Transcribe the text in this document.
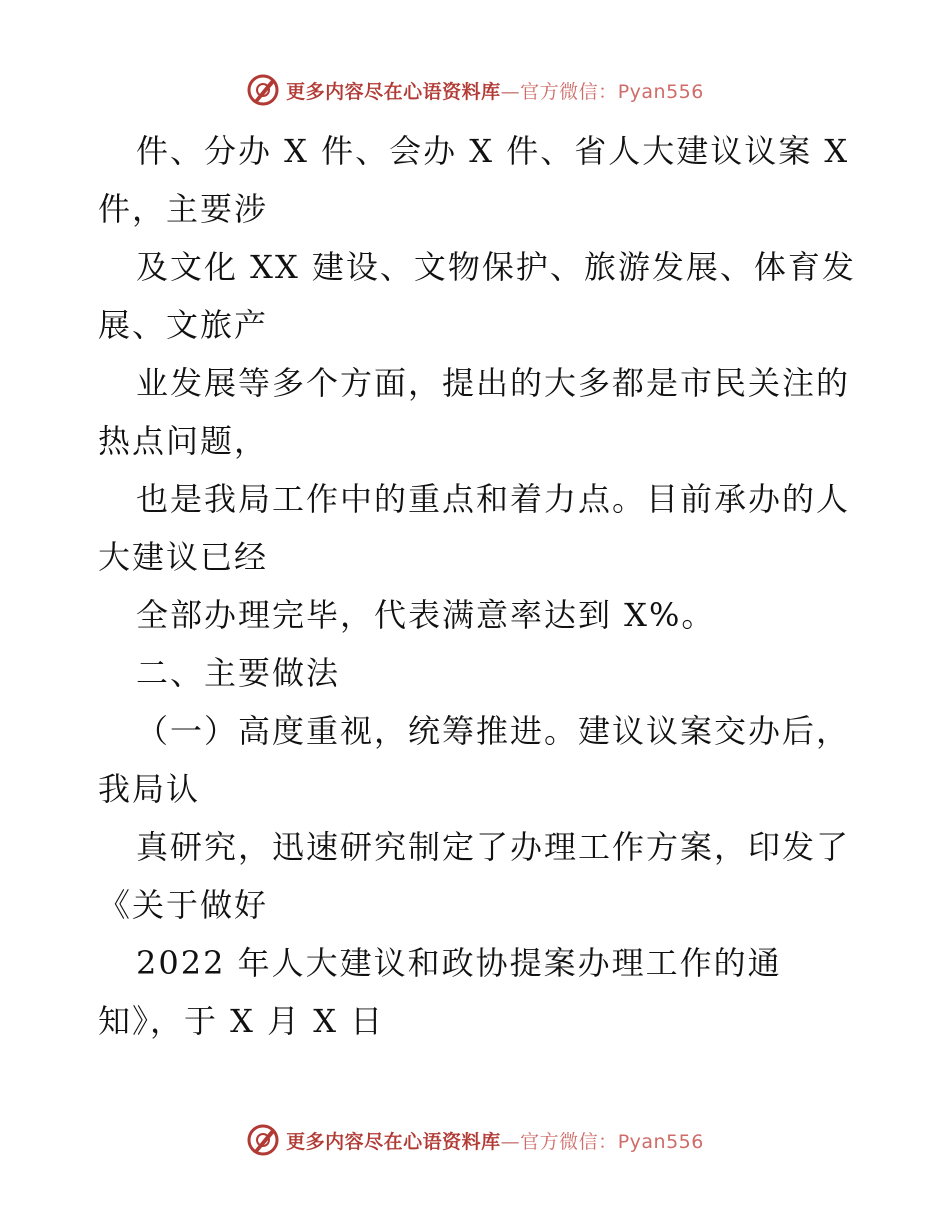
更多内容尽在心语资料库—官方微信：Pyan556
件、分办 X 件、会办 X 件、省人大建议议案 X
件，主要涉
及文化 XX 建设、文物保护、旅游发展、体育发
展、文旅产
业发展等多个方面，提出的大多都是市民关注的
热点问题，
也是我局工作中的重点和着力点。目前承办的人
大建议已经
全部办理完毕，代表满意率达到 X%。
二、主要做法
（一）高度重视，统筹推进。建议议案交办后，
我局认
真研究，迅速研究制定了办理工作方案，印发了
《关于做好
2022 年人大建议和政协提案办理工作的通
知》，于 X 月 X 日
更多内容尽在心语资料库—官方微信：Pyan556
